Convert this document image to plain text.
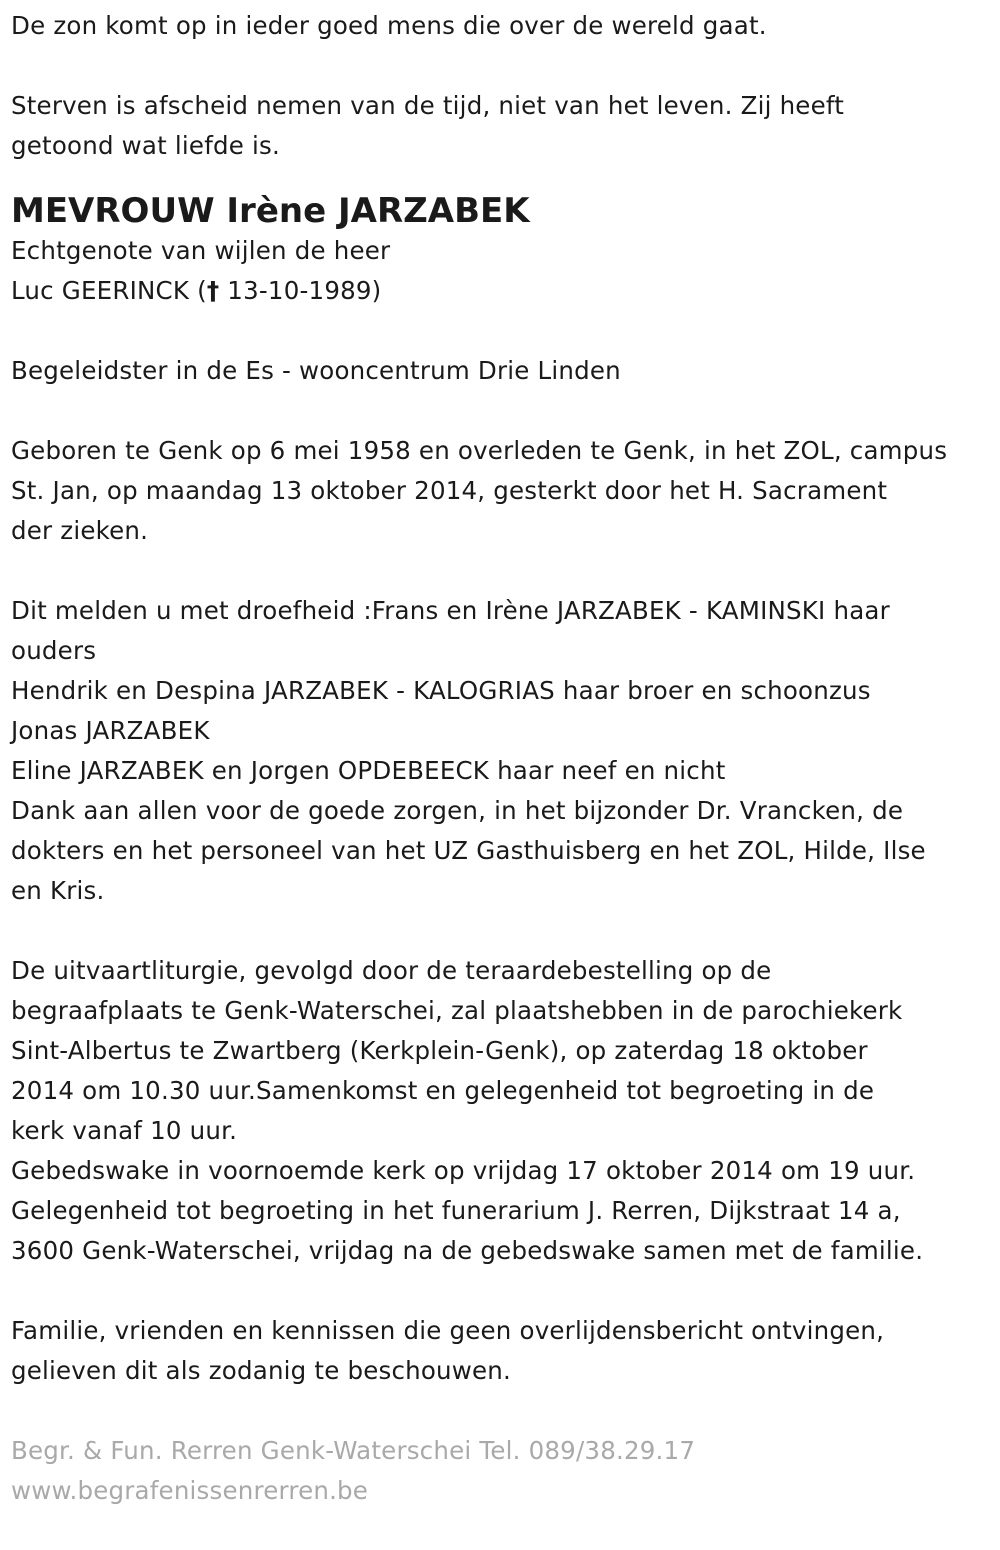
De zon komt op in ieder goed mens die over de wereld gaat.
Sterven is afscheid nemen van de tijd, niet van het leven. Zij heeft
getoond wat liefde is.
MEVROUW Irène JARZABEK
Echtgenote van wijlen de heer
Luc GEERINCK († 13-10-1989)
Begeleidster in de Es - wooncentrum Drie Linden
Geboren te Genk op 6 mei 1958 en overleden te Genk, in het ZOL, campus
St. Jan, op maandag 13 oktober 2014, gesterkt door het H. Sacrament
der zieken.
Dit melden u met droefheid :Frans en Irène JARZABEK - KAMINSKI haar
ouders
Hendrik en Despina JARZABEK - KALOGRIAS haar broer en schoonzus
Jonas JARZABEK
Eline JARZABEK en Jorgen OPDEBEECK haar neef en nicht
Dank aan allen voor de goede zorgen, in het bijzonder Dr. Vrancken, de
dokters en het personeel van het UZ Gasthuisberg en het ZOL, Hilde, Ilse
en Kris.
De uitvaartliturgie, gevolgd door de teraardebestelling op de
begraafplaats te Genk-Waterschei, zal plaatshebben in de parochiekerk
Sint-Albertus te Zwartberg (Kerkplein-Genk), op zaterdag 18 oktober
2014 om 10.30 uur.Samenkomst en gelegenheid tot begroeting in de
kerk vanaf 10 uur.
Gebedswake in voornoemde kerk op vrijdag 17 oktober 2014 om 19 uur.
Gelegenheid tot begroeting in het funerarium J. Rerren, Dijkstraat 14 a,
3600 Genk-Waterschei, vrijdag na de gebedswake samen met de familie.
Familie, vrienden en kennissen die geen overlijdensbericht ontvingen,
gelieven dit als zodanig te beschouwen.
Begr. & Fun. Rerren Genk-Waterschei Tel. 089/38.29.17
www.begrafenissenrerren.be
